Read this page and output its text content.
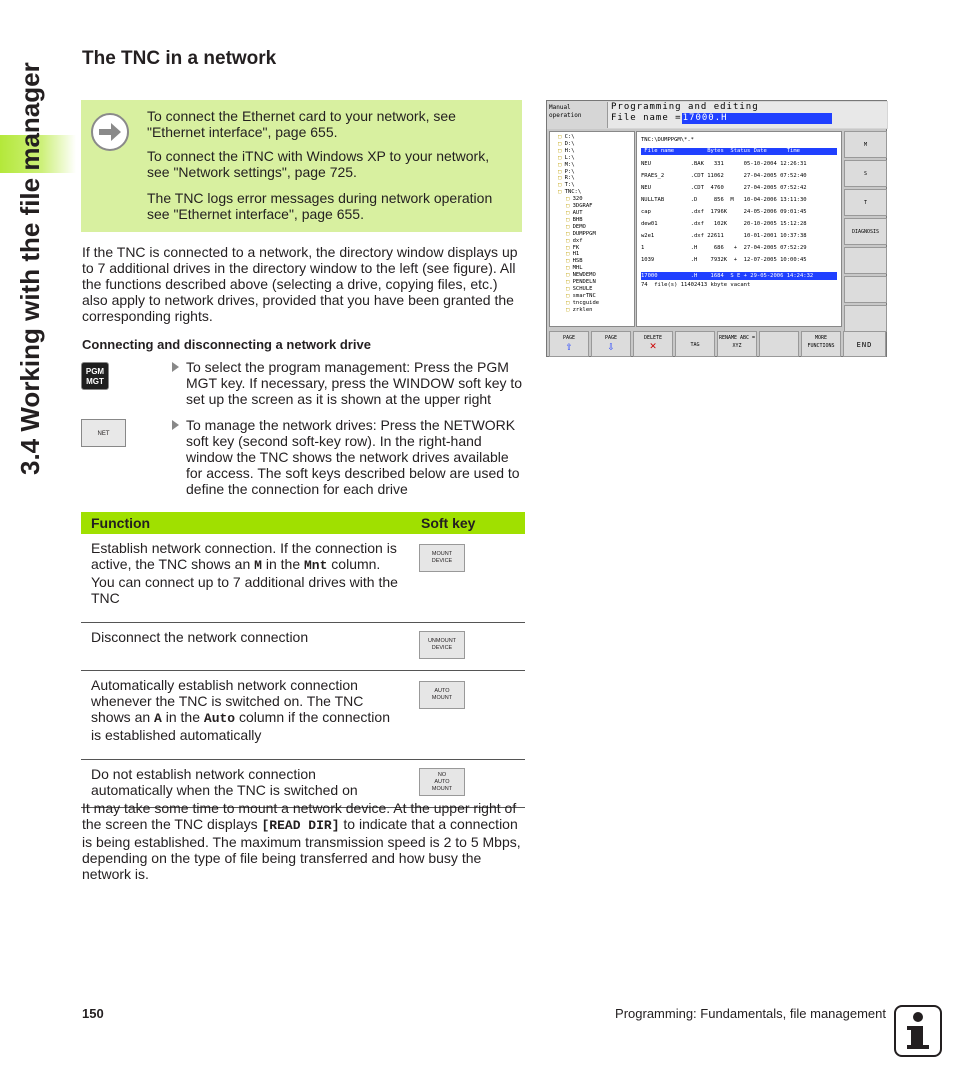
3.4 Working with the file manager
The TNC in a network

To connect the Ethernet card to your network, see "Ethernet interface", page 655.

To connect the iTNC with Windows XP to your network, see "Network settings", page 725.

The TNC logs error messages during network operation see "Ethernet interface", page 655.

If the TNC is connected to a network, the directory window displays up to 7 additional drives in the directory window to the left (see figure). All the functions described above (selecting a drive, copying files, etc.) also apply to network drives, provided that you have been granted the corresponding rights.

Connecting and disconnecting a network drive
PGM
MGT
NET
To select the program management: Press the PGM MGT key. If necessary, press the WINDOW soft key to set up the screen as it is shown at the upper right
To manage the network drives: Press the NETWORK soft key (second soft-key row). In the right-hand window the TNC shows the network drives available for access. The soft keys described below are used to define the connection for each drive
Function	Soft key
Establish network connection. If the connection is active, the TNC shows an M in the Mnt column. You can connect up to 7 additional drives with the TNC	MOUNT
DEVICE

Disconnect the network connection	UNMOUNT
DEVICE

Automatically establish network connection whenever the TNC is switched on. The TNC shows an A in the Auto column if the connection is established automatically	AUTO
MOUNT

Do not establish network connection automatically when the TNC is switched on	NO
AUTO
MOUNT

It may take some time to mount a network device. At the upper right of the screen the TNC displays [READ DIR] to indicate that a connection is being established. The maximum transmission speed is 2 to 5 Mbps, depending on the type of file being transferred and how busy the network is.

Manual
operation
Programming and editing
File name =17000.H
□ C:\
□ D:\
□ H:\
□ L:\
□ M:\
□ P:\
□ R:\
□ T:\
□ TNC:\
□ 320
□ 3DGRAF
□ AUT
□ BHB
□ DEMO
□ DUMPPGM
□ dxf
□ FK
□ H1
□ HSB
□ MHL
□ NEWDEMO
□ PENDELN
□ SCHULE
□ smarTNC
□ tncguide
□ zrklen
TNC:\DUMPPGM\*.*
File name          Bytes  Status Date      Time
NEU            .BAK   331      05-10-2004 12:26:31
FRAES_2        .CDT 11062      27-04-2005 07:52:40
NEU            .CDT  4760      27-04-2005 07:52:42
NULLTAB        .D     856  M   10-04-2006 13:11:30
cap            .dxf  1796K     24-05-2006 09:01:45
dew01          .dxf   102K     20-10-2005 15:12:28
w2e1           .dxf 22611      10-01-2001 10:37:38
1              .H     686   +  27-04-2005 07:52:29
1039           .H    7932K  +  12-07-2005 10:00:45
17000          .H    1684  S E + 29-05-2006 14:24:32
74  file(s) 11402413 kbyte vacant
M
S
T
DIAGNOSIS
PAGE
⇧
PAGE
⇩
DELETE
✕	TAG
RENAME ABC = XYZ
MORE FUNCTIONS	END
150	Programming: Fundamentals, file management
